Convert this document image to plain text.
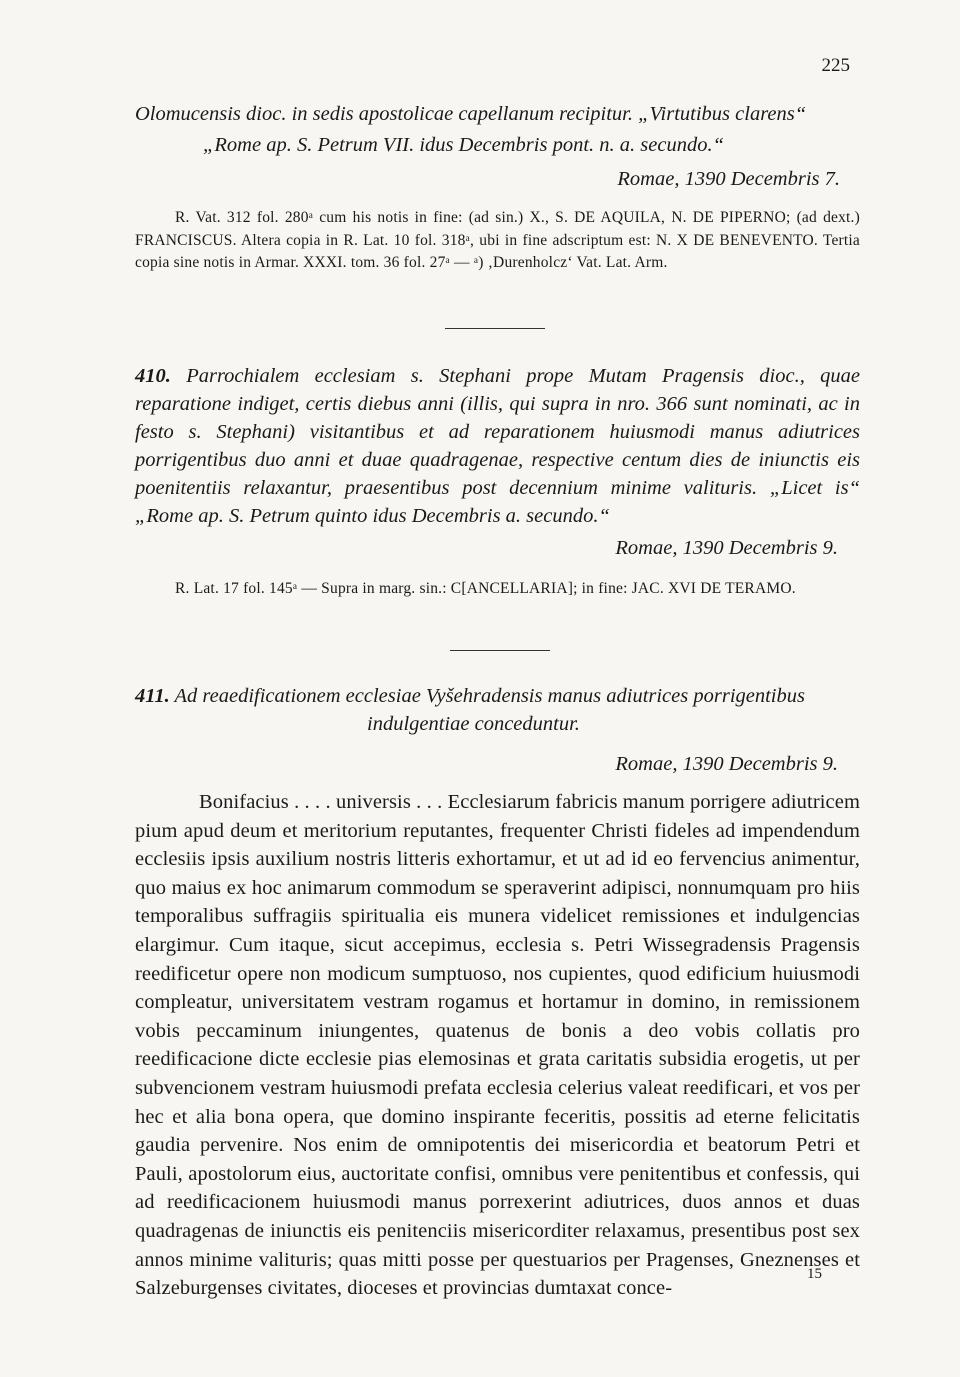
225

Olomucensis dioc. in sedis apostolicae capellanum recipitur. „Virtutibus clarens“

„Rome ap. S. Petrum VII. idus Decembris pont. n. a. secundo.“

Romae, 1390 Decembris 7.

R. Vat. 312 fol. 280ᵃ cum his notis in fine: (ad sin.) X., S. DE AQUILA, N. DE PIPERNO; (ad dext.) FRANCISCUS. Altera copia in R. Lat. 10 fol. 318ᵃ, ubi in fine adscriptum est: N. X DE BENEVENTO. Tertia copia sine notis in Armar. XXXI. tom. 36 fol. 27ᵃ — ᵃ) ‚Durenholcz‘ Vat. Lat. Arm.

410. Parrochialem ecclesiam s. Stephani prope Mutam Pragensis dioc., quae reparatione indiget, certis diebus anni (illis, qui supra in nro. 366 sunt nominati, ac in festo s. Stephani) visitantibus et ad reparationem huiusmodi manus adiutrices porrigentibus duo anni et duae quadragenae, respective centum dies de iniunctis eis poenitentiis relaxantur, praesentibus post decennium minime valituris. „Licet is“ „Rome ap. S. Petrum quinto idus Decembris a. secundo.“

Romae, 1390 Decembris 9.

R. Lat. 17 fol. 145ᵃ — Supra in marg. sin.: C[ANCELLARIA]; in fine: JAC. XVI DE TERAMO.

411. Ad reaedificationem ecclesiae Vyšehradensis manus adiutrices porrigentibus

indulgentiae conceduntur.

Romae, 1390 Decembris 9.

Bonifacius . . . . universis . . . Ecclesiarum fabricis manum porrigere adiutricem pium apud deum et meritorium reputantes, frequenter Christi fideles ad impendendum ecclesiis ipsis auxilium nostris litteris exhortamur, et ut ad id eo fervencius animentur, quo maius ex hoc animarum commodum se speraverint adipisci, nonnumquam pro hiis temporalibus suffragiis spiritualia eis munera videlicet remissiones et indulgencias elargimur. Cum itaque, sicut accepimus, ecclesia s. Petri Wissegradensis Pragensis reedificetur opere non modicum sumptuoso, nos cupientes, quod edificium huiusmodi compleatur, universitatem vestram rogamus et hortamur in domino, in remissionem vobis peccaminum iniungentes, quatenus de bonis a deo vobis collatis pro reedificacione dicte ecclesie pias elemosinas et grata caritatis subsidia erogetis, ut per subvencionem vestram huiusmodi prefata ecclesia celerius valeat reedificari, et vos per hec et alia bona opera, que domino inspirante feceritis, possitis ad eterne felicitatis gaudia pervenire. Nos enim de omnipotentis dei misericordia et beatorum Petri et Pauli, apostolorum eius, auctoritate confisi, omnibus vere penitentibus et confessis, qui ad reedificacionem huiusmodi manus porrexerint adiutrices, duos annos et duas quadragenas de iniunctis eis penitenciis misericorditer relaxamus, presentibus post sex annos minime valituris; quas mitti posse per questuarios per Pragenses, Gneznenses et Salzeburgenses civitates, dioceses et provincias dumtaxat conce-

15
